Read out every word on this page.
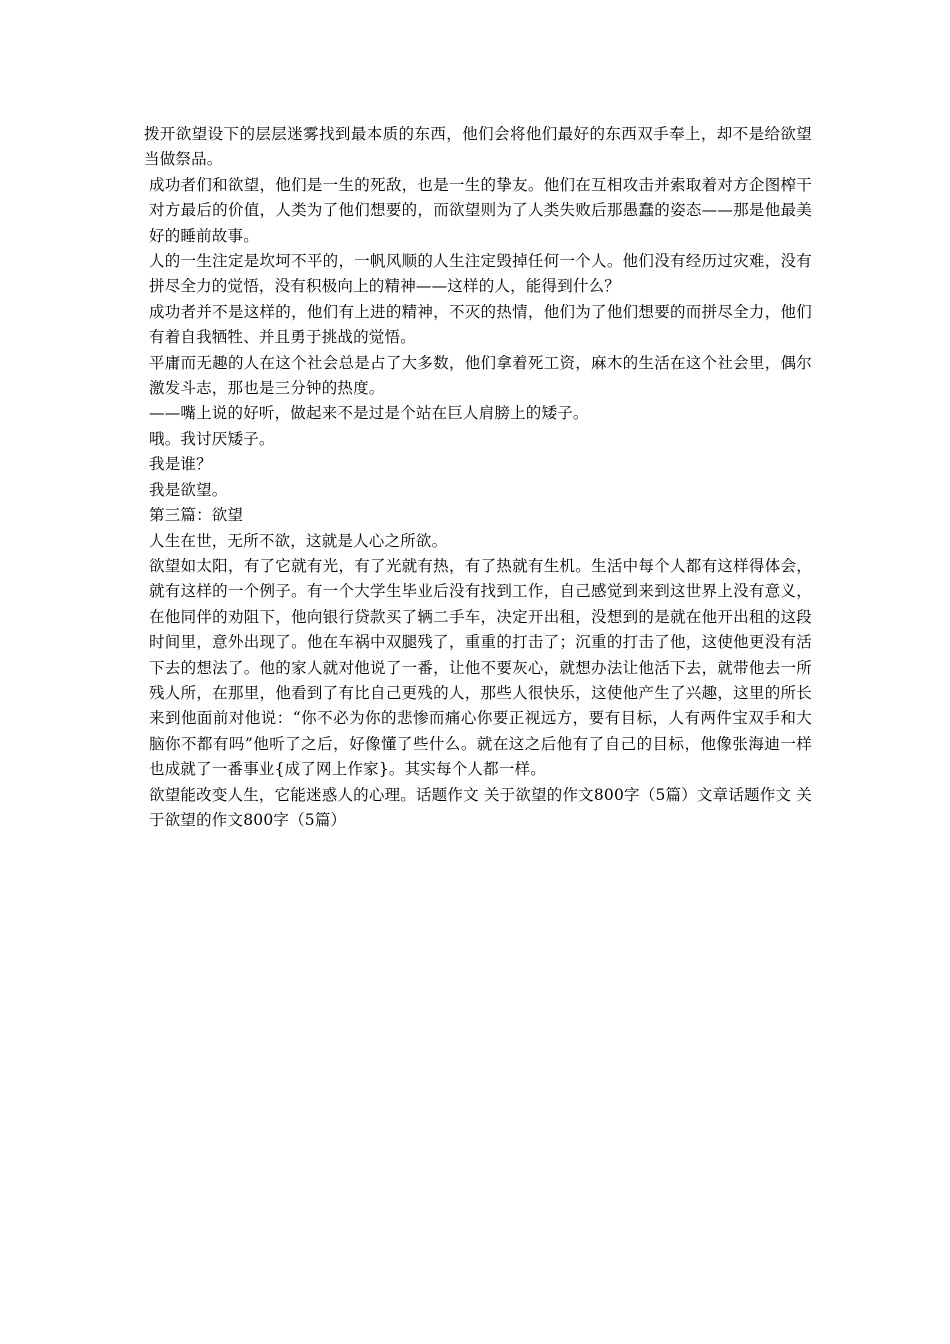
拨开欲望设下的层层迷雾找到最本质的东西，他们会将他们最好的东西双手奉上，却不是给欲望当做祭品。

成功者们和欲望，他们是一生的死敌，也是一生的挚友。他们在互相攻击并索取着对方企图榨干对方最后的价值，人类为了他们想要的，而欲望则为了人类失败后那愚蠢的姿态——那是他最美好的睡前故事。

人的一生注定是坎坷不平的，一帆风顺的人生注定毁掉任何一个人。他们没有经历过灾难，没有拼尽全力的觉悟，没有积极向上的精神——这样的人，能得到什么？

成功者并不是这样的，他们有上进的精神，不灭的热情，他们为了他们想要的而拼尽全力，他们有着自我牺牲、并且勇于挑战的觉悟。

平庸而无趣的人在这个社会总是占了大多数，他们拿着死工资，麻木的生活在这个社会里，偶尔激发斗志，那也是三分钟的热度。

——嘴上说的好听，做起来不是过是个站在巨人肩膀上的矮子。

哦。我讨厌矮子。

我是谁？

我是欲望。

第三篇：欲望

人生在世，无所不欲，这就是人心之所欲。

欲望如太阳，有了它就有光，有了光就有热，有了热就有生机。生活中每个人都有这样得体会，就有这样的一个例子。有一个大学生毕业后没有找到工作，自己感觉到来到这世界上没有意义，在他同伴的劝阻下，他向银行贷款买了辆二手车，决定开出租，没想到的是就在他开出租的这段时间里，意外出现了。他在车祸中双腿残了，重重的打击了；沉重的打击了他，这使他更没有活下去的想法了。他的家人就对他说了一番，让他不要灰心，就想办法让他活下去，就带他去一所残人所，在那里，他看到了有比自己更残的人，那些人很快乐，这使他产生了兴趣，这里的所长来到他面前对他说：“你不必为你的悲惨而痛心你要正视远方，要有目标，人有两件宝双手和大脑你不都有吗”他听了之后，好像懂了些什么。就在这之后他有了自己的目标，他像张海迪一样也成就了一番事业{成了网上作家}。其实每个人都一样。

欲望能改变人生，它能迷惑人的心理。话题作文 关于欲望的作文800字（5篇）文章话题作文 关于欲望的作文800字（5篇）
